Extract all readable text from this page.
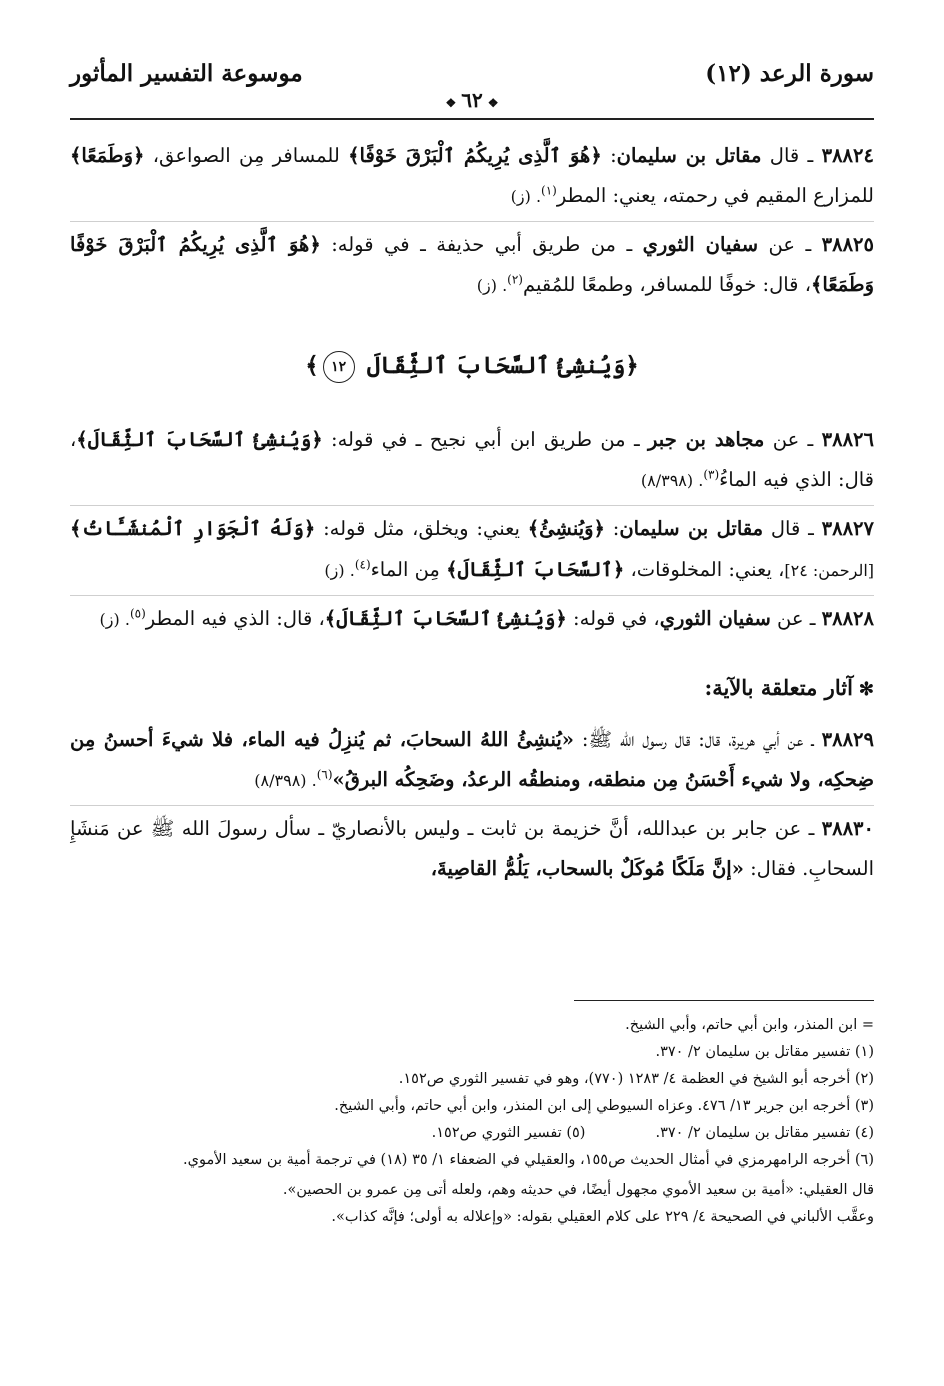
سورة الرعد (١٢)
موسوعة التفسير المأثور
❖٦٢❖

٣٨٨٢٤ ـ قال مقاتل بن سليمان: ﴿هُوَ ٱلَّذِى يُرِيكُمُ ٱلْبَرْقَ خَوْفًا﴾ للمسافر مِن الصواعق، ﴿وَطَمَعًا﴾ للمزارع المقيم في رحمته، يعني: المطر$^{(١)}$. (ز)

٣٨٨٢٥ ـ عن سفيان الثوري ـ من طريق أبي حذيفة ـ في قوله: ﴿هُوَ ٱلَّذِى يُرِيكُمُ ٱلْبَرْقَ خَوْفًا وَطَمَعًا﴾، قال: خوفًا للمسافر، وطمعًا للمُقيم$^{(٢)}$. (ز)

﴿وَيُنشِئُ ٱلسَّحَابَ ٱلثِّقَالَ ١٢﴾

٣٨٨٢٦ ـ عن مجاهد بن جبر ـ من طريق ابن أبي نجيح ـ في قوله: ﴿وَيُنشِئُ ٱلسَّحَابَ ٱلثِّقَالَ﴾، قال: الذي فيه الماءُ$^{(٣)}$. (٨/٣٩٨)

٣٨٨٢٧ ـ قال مقاتل بن سليمان: ﴿وَيُنشِئُ﴾ يعني: ويخلق، مثل قوله: ﴿وَلَهُ ٱلْجَوَارِ ٱلْمُنشَـَٔاتُ﴾ [الرحمن: ٢٤]، يعني: المخلوقات، ﴿ٱلسَّحَابَ ٱلثِّقَالَ﴾ مِن الماء$^{(٤)}$. (ز)

٣٨٨٢٨ ـ عن سفيان الثوري، في قوله: ﴿وَيُنشِئُ ٱلسَّحَابَ ٱلثِّقَالَ﴾، قال: الذي فيه المطر$^{(٥)}$. (ز)

✻آثار متعلقة بالآية:

٣٨٨٢٩ ـ عن أبي هريرة، قال: قال رسول الله ﷺ: «يُنشِئُ اللهُ السحابَ، ثم يُنزِلُ فيه الماء، فلا شيءَ أحسنُ مِن ضِحكِه، ولا شيء أَحْسَنُ مِن منطقه، ومنطقُه الرعدُ، وضَحِكُه البرقُ»$^{(٦)}$. (٨/٣٩٨)

٣٨٨٣٠ ـ عن جابر بن عبدالله، أنَّ خزيمة بن ثابت ـ وليس بالأنصاريّ ـ سأل رسولَ الله ﷺ عن مَنشَإِ السحابِ. فقال: «إنَّ مَلَكًا مُوكَلٌ بالسحاب، يَلُمُّ القاصِيةَ،

= ابن المنذر، وابن أبي حاتم، وأبي الشيخ.

(١) تفسير مقاتل بن سليمان ٢/ ٣٧٠.

(٢) أخرجه أبو الشيخ في العظمة ٤/ ١٢٨٣ (٧٧٠)، وهو في تفسير الثوري ص١٥٢.

(٣) أخرجه ابن جرير ١٣/ ٤٧٦. وعزاه السيوطي إلى ابن المنذر، وابن أبي حاتم، وأبي الشيخ.

(٤) تفسير مقاتل بن سليمان ٢/ ٣٧٠.
(٥) تفسير الثوري ص١٥٢.

(٦) أخرجه الرامهرمزي في أمثال الحديث ص١٥٥، والعقيلي في الضعفاء ١/ ٣٥ (١٨) في ترجمة أمية بن سعيد الأموي.

قال العقيلي: «أمية بن سعيد الأموي مجهول أيضًا، في حديثه وهم، ولعله أتى مِن عمرو بن الحصين».

وعقَّب الألباني في الصحيحة ٤/ ٢٢٩ على كلام العقيلي بقوله: «وإعلاله به أولى؛ فإنَّه كذاب».
